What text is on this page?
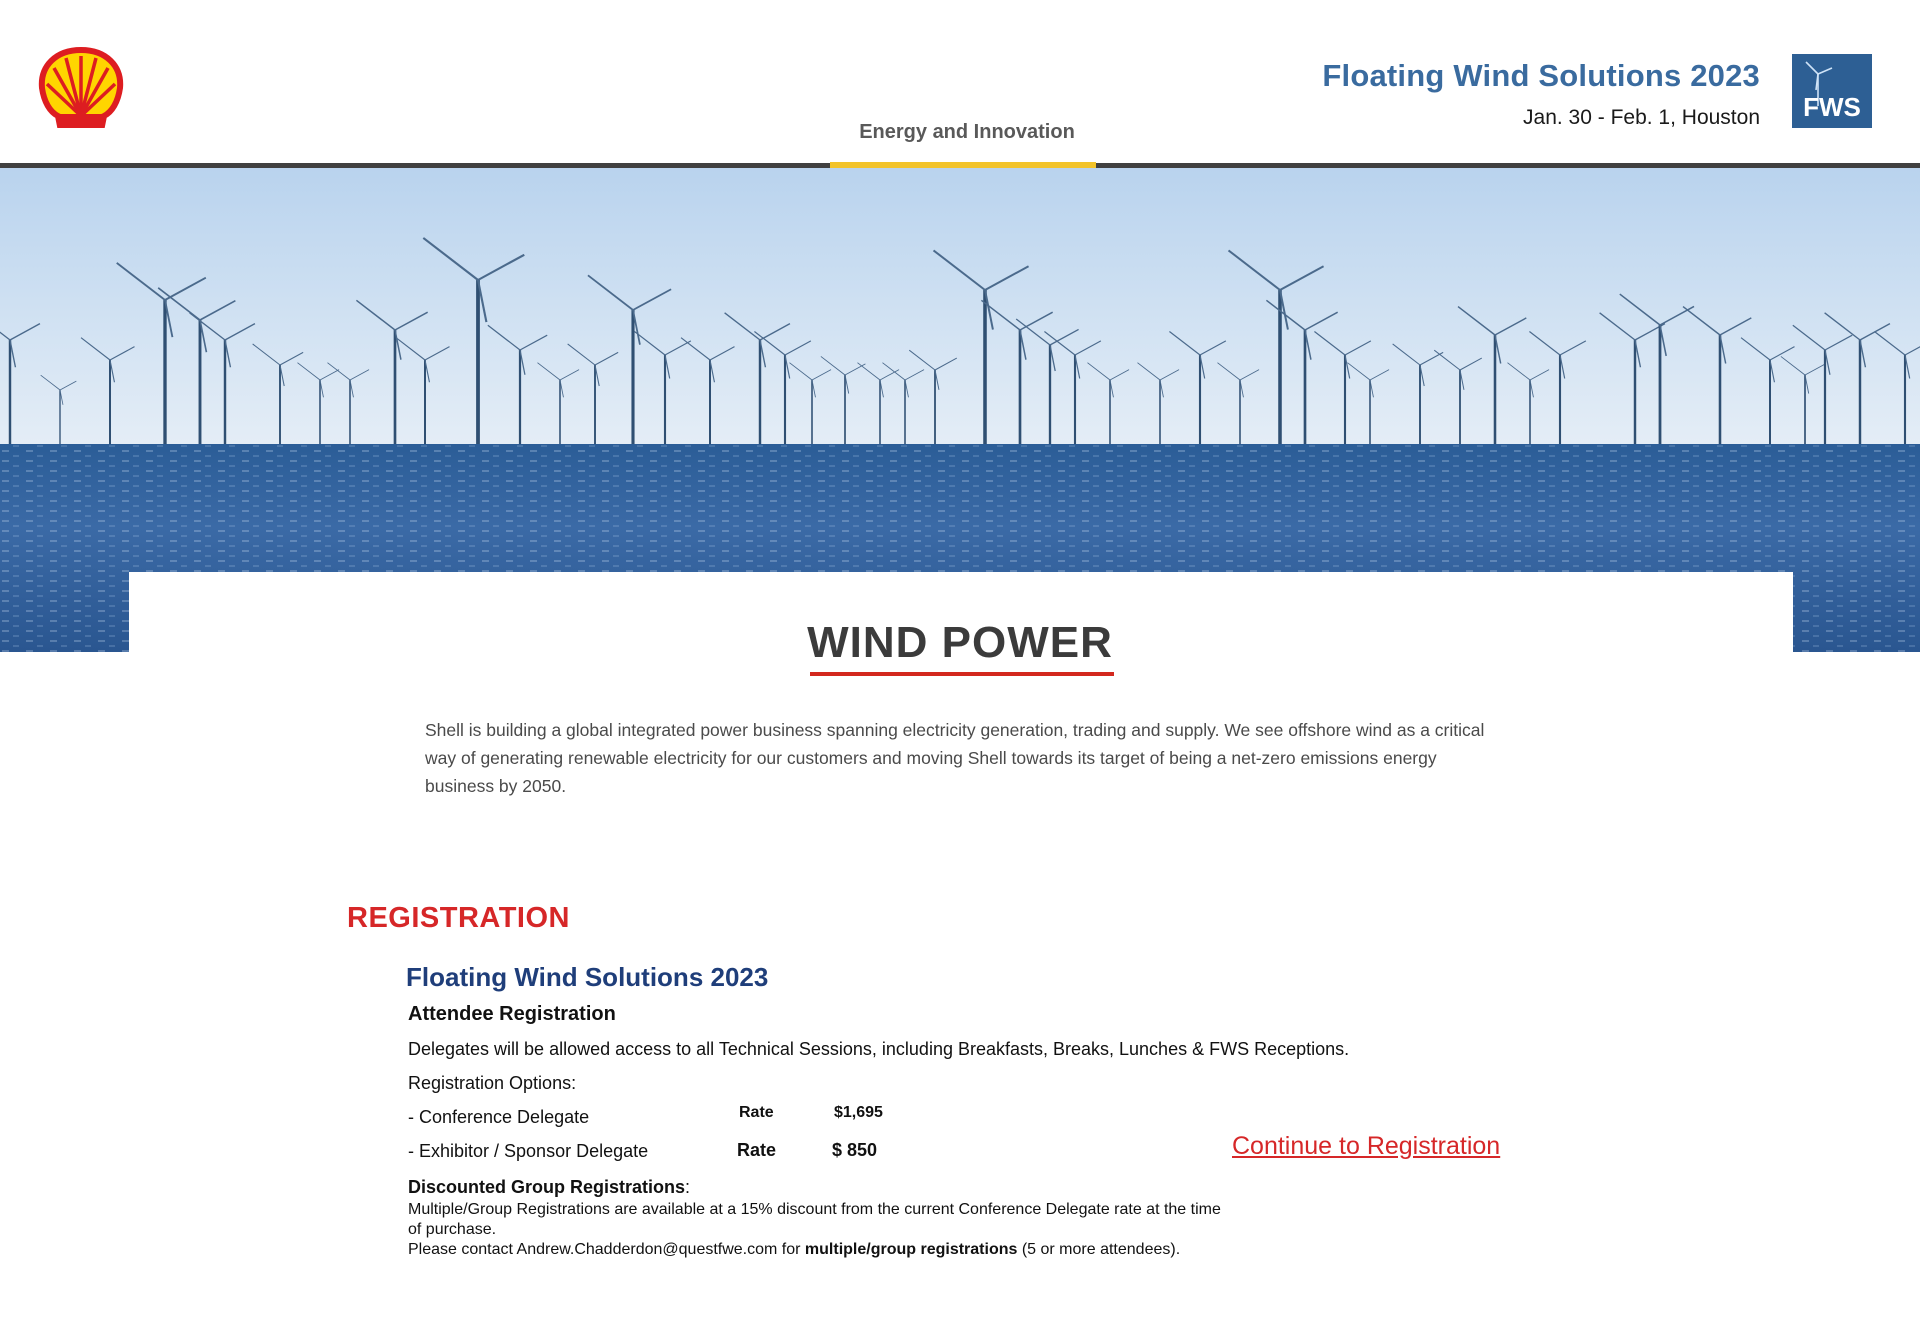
Energy and Innovation
Floating Wind Solutions 2023
Jan. 30 - Feb. 1, Houston FWS
WIND POWER
Shell is building a global integrated power business spanning electricity generation, trading and supply. We see offshore wind as a critical way of generating renewable electricity for our customers and moving Shell towards its target of being a net-zero emissions energy business by 2050.
REGISTRATION
Floating Wind Solutions 2023
Attendee Registration
Delegates will be allowed access to all Technical Sessions, including Breakfasts, Breaks, Lunches & FWS Receptions.
Registration Options:
- Conference Delegate	Rate	$1,695
- Exhibitor / Sponsor Delegate	Rate	$ 850	Continue to Registration
Discounted Group Registrations:
Multiple/Group Registrations are available at a 15% discount from the current Conference Delegate rate at the time of purchase.
Please contact Andrew.Chadderdon@questfwe.com for multiple/group registrations (5 or more attendees).
